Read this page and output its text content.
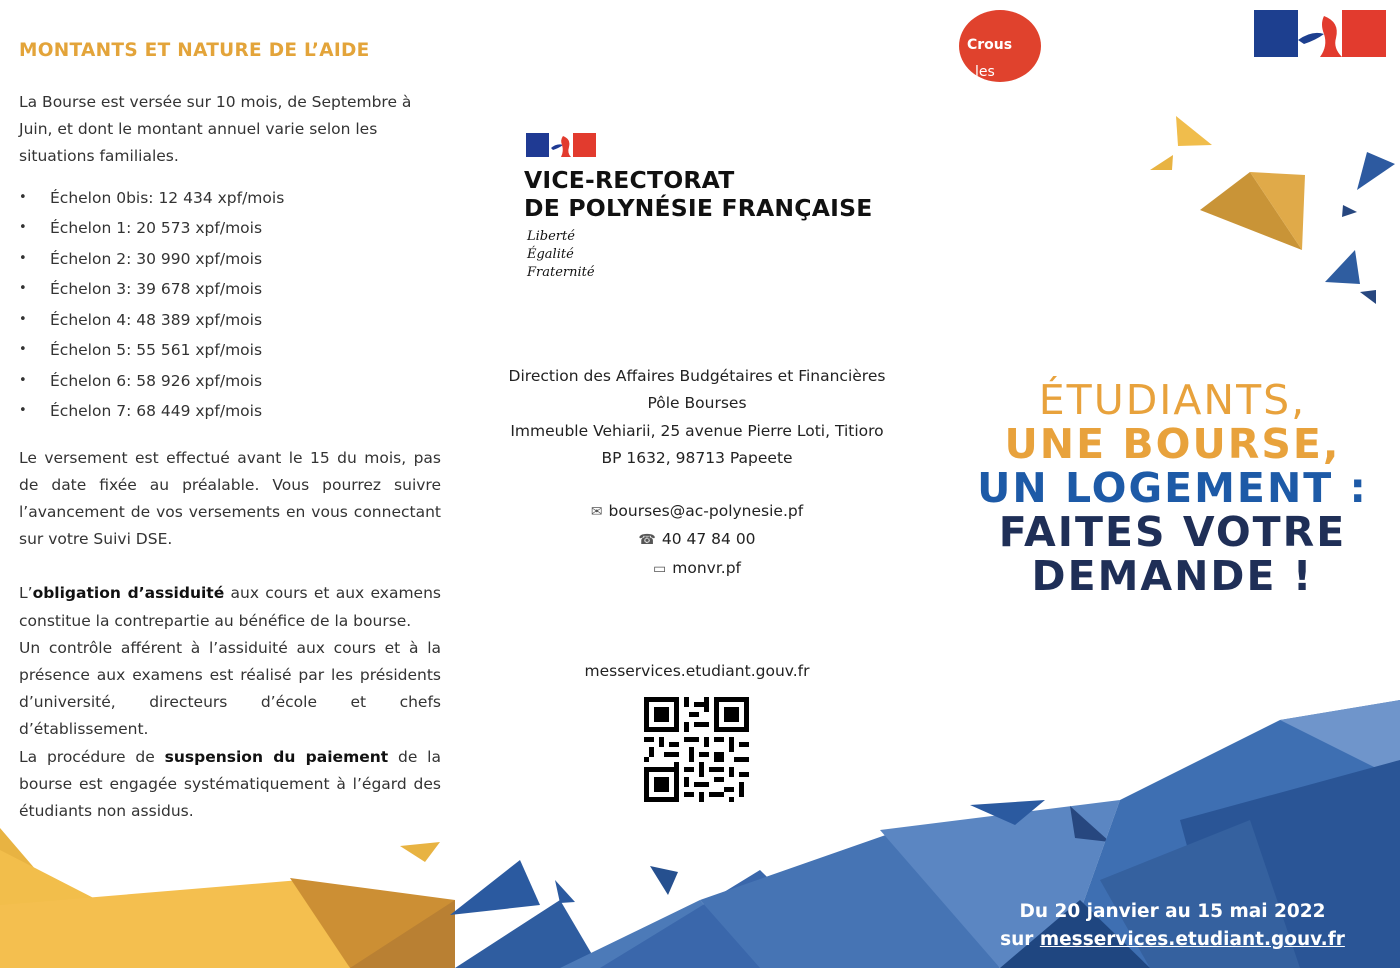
MONTANTS ET NATURE DE L’AIDE

La Bourse est versée sur 10 mois, de Septembre à Juin, et dont le montant annuel varie selon les situations familiales.

• Échelon 0bis: 12 434 xpf/mois
• Échelon 1: 20 573 xpf/mois
• Échelon 2: 30 990 xpf/mois
• Échelon 3: 39 678 xpf/mois
• Échelon 4: 48 389 xpf/mois
• Échelon 5: 55 561 xpf/mois
• Échelon 6: 58 926 xpf/mois
• Échelon 7: 68 449 xpf/mois

Le versement est effectué avant le 15 du mois, pas de date fixée au préalable. Vous pourrez suivre l’avancement de vos versements en vous connectant sur votre Suivi DSE.

L’obligation d’assiduité aux cours et aux examens constitue la contrepartie au bénéfice de la bourse.

Un contrôle afférent à l’assiduité aux cours et à la présence aux examens est réalisé par les présidents d’université, directeurs d’école et chefs d’établissement.

La procédure de suspension du paiement de la bourse est engagée systématiquement à l’égard des étudiants non assidus.

VICE-RECTORAT
DE POLYNÉSIE FRANÇAISE
Liberté
Égalité
Fraternité
Direction des Affaires Budgétaires et Financières
Pôle Bourses
Immeuble Vehiarii, 25 avenue Pierre Loti, Titioro
BP 1632, 98713 Papeete
✉ bourses@ac-polynesie.pf
☎ 40 47 84 00
▭ monvr.pf
messervices.etudiant.gouv.fr
les
Crous
ÉTUDIANTS,
UNE BOURSE,
UN LOGEMENT :
FAITES VOTRE
DEMANDE !
Du 20 janvier au 15 mai 2022
sur messervices.etudiant.gouv.fr
